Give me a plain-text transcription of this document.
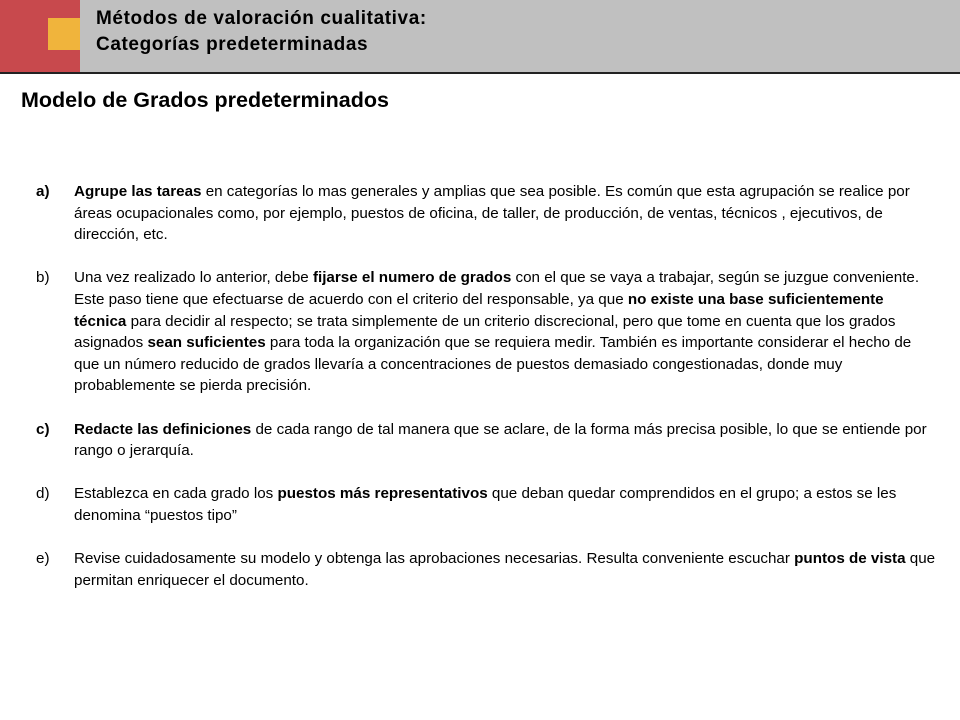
Métodos de valoración cualitativa:
Categorías predeterminadas
Modelo de Grados predeterminados
a) Agrupe las tareas en categorías lo mas generales y amplias que sea posible. Es común que esta agrupación se realice por áreas ocupacionales como, por ejemplo, puestos de oficina, de taller, de producción, de ventas, técnicos , ejecutivos, de dirección, etc.
b) Una vez realizado lo anterior, debe fijarse el numero de grados con el que se vaya a trabajar, según se juzgue conveniente. Este paso tiene que efectuarse de acuerdo con el criterio del responsable, ya que no existe una base suficientemente técnica para decidir al respecto; se trata simplemente de un criterio discrecional, pero que tome en cuenta que los grados asignados sean suficientes para toda la organización que se requiera medir. También es importante considerar el hecho de que un número reducido de grados llevaría a concentraciones de puestos demasiado congestionadas, donde muy probablemente se pierda precisión.
c) Redacte las definiciones de cada rango de tal manera que se aclare, de la forma más precisa posible, lo que se entiende por rango o jerarquía.
d) Establezca en cada grado los puestos más representativos que deban quedar comprendidos en el grupo; a estos se les denomina “puestos tipo”
e) Revise cuidadosamente su modelo y obtenga las aprobaciones necesarias. Resulta conveniente escuchar puntos de vista que permitan enriquecer el documento.
